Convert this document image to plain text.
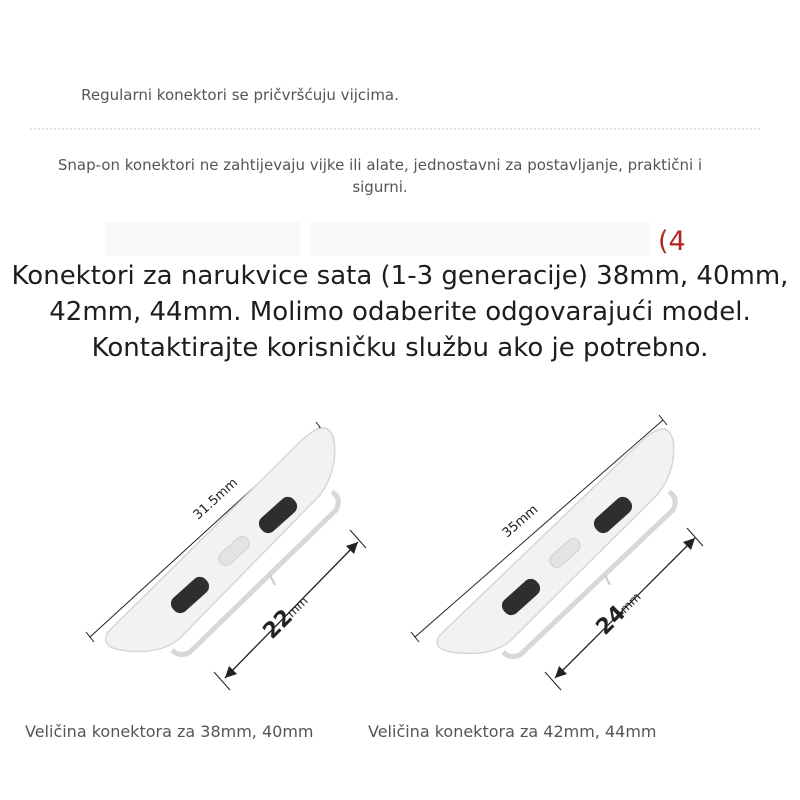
Regularni konektori se pričvršćuju vijcima.
Snap-on konektori ne zahtijevaju vijke ili alate, jednostavni za postavljanje, praktični i sigurni.
(4
Konektori za narukvice sata (1-3 generacije) 38mm, 40mm, 42mm, 44mm. Molimo odaberite odgovarajući model. Kontaktirajte korisničku službu ako je potrebno.
31.5mm
22
mm
35mm
24
mm
Veličina konektora za 38mm, 40mm	Veličina konektora za 42mm, 44mm
